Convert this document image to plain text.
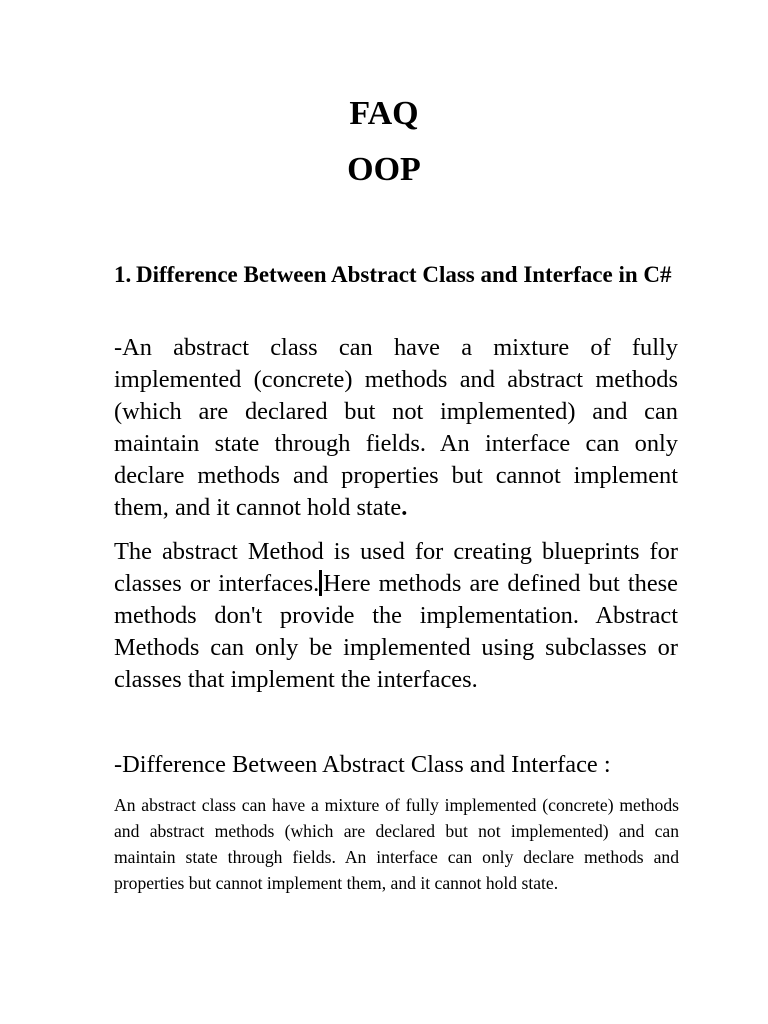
FAQ
OOP
1. Difference Between Abstract Class and Interface in C#

-An abstract class can have a mixture of fully implemented (concrete) methods and abstract methods (which are declared but not implemented) and can maintain state through fields. An interface can only declare methods and properties but cannot implement them, and it cannot hold state.

The abstract Method is used for creating blueprints for classes or interfaces. Here methods are defined but these methods don't provide the implementation. Abstract Methods can only be implemented using subclasses or classes that implement the interfaces.

-Difference Between Abstract Class and Interface :

An abstract class can have a mixture of fully implemented (concrete) methods and abstract methods (which are declared but not implemented) and can maintain state through fields. An interface can only declare methods and properties but cannot implement them, and it cannot hold state.
